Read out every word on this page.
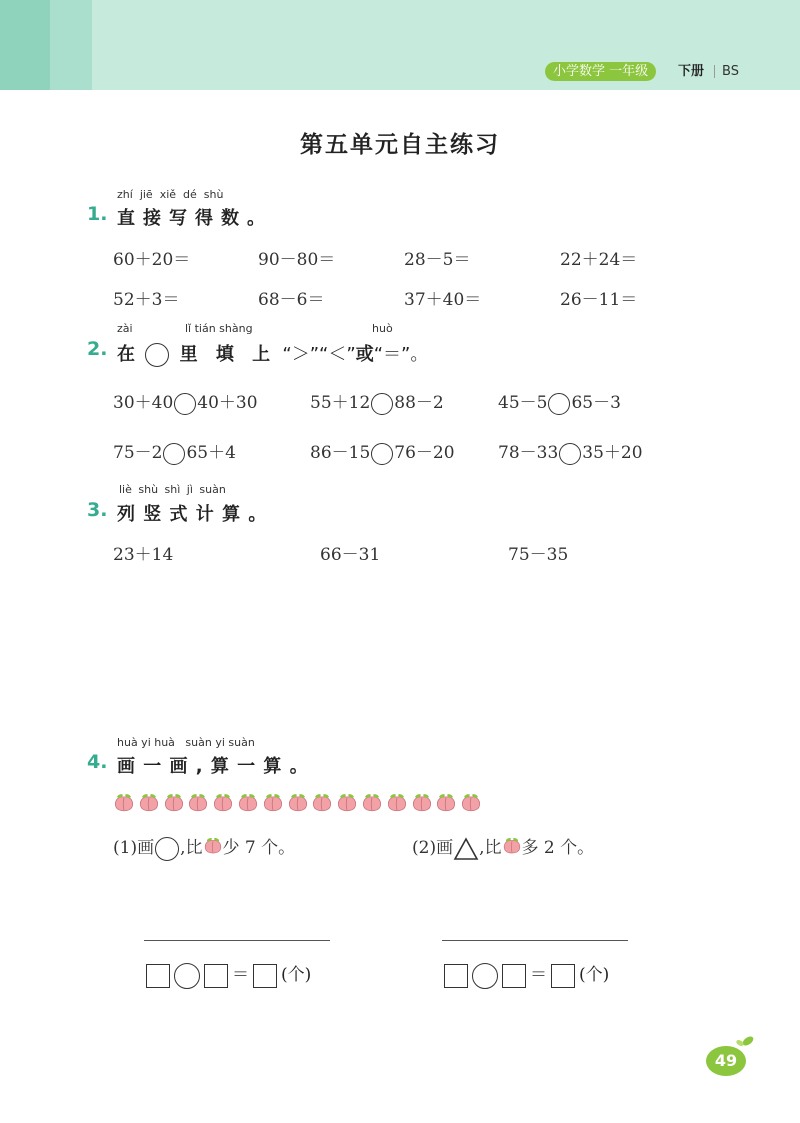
小学数学 一年级	下册 BS
第五单元自主练习
zhí jiē xiě dé shù
1. 直接写得数。
60＋20＝	90－80＝	28－5＝	22＋24＝
52＋3＝	68－6＝	37＋40＝	26－11＝
zài	lǐ tián shàng	huò
2. 在 里 填 上 “＞”“＜”或“＝”。
30＋40 40＋30	55＋12 88－2	45－5 65－3
75－2 65＋4	86－15 76－20	78－33 35＋20
liè shù shì jì suàn
3. 列 竖 式 计 算 。
23＋14	66－31	75－35
huà yi huà   suàn yi suàn
4. 画 一 画 , 算 一 算 。
(1)画 ,比 少 7 个。	(2)画 ,比 多 2 个。
＝ (个)	＝ (个)
49
